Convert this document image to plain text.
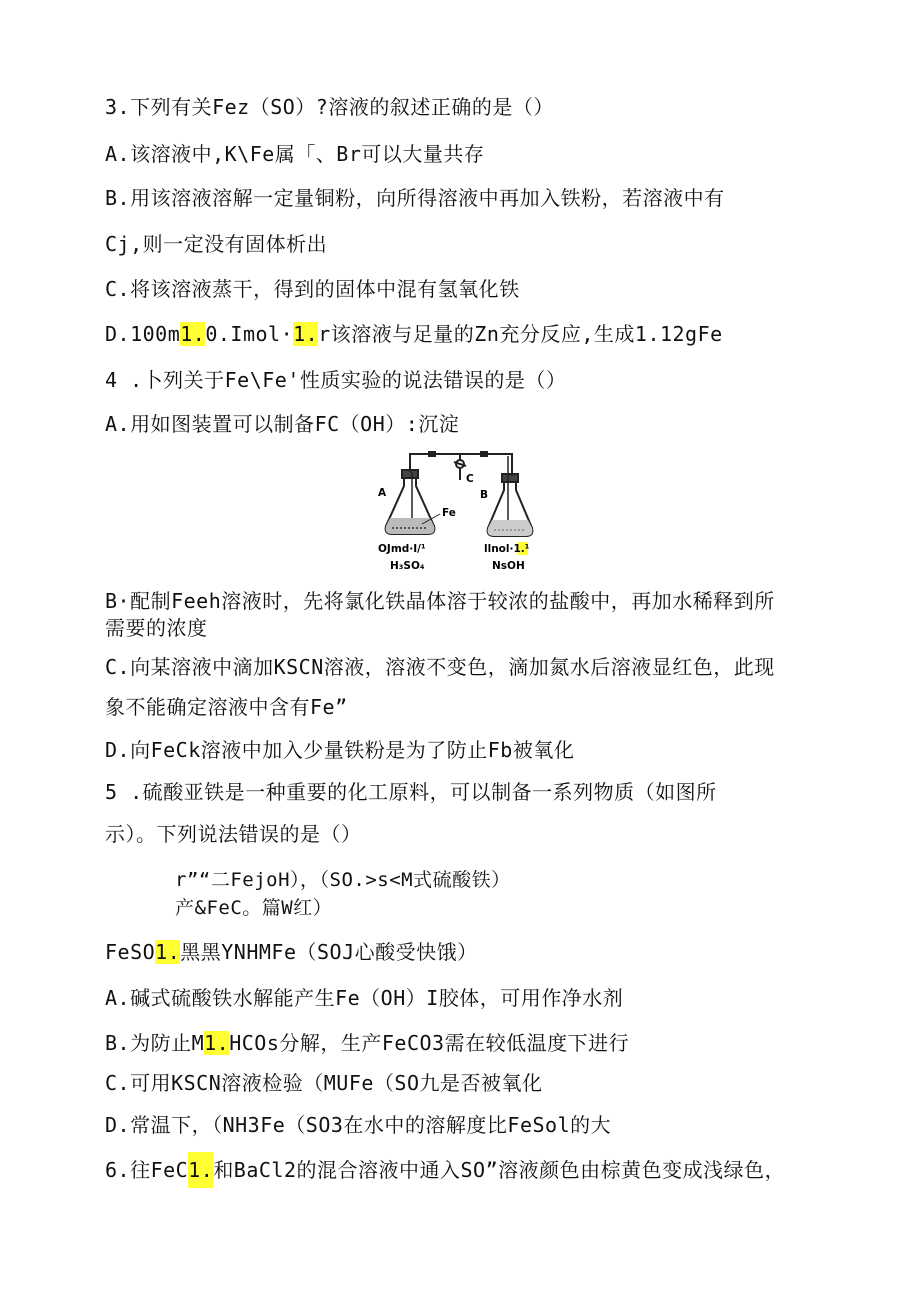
3.下列有关Fez（SO）?溶液的叙述正确的是（）
A.该溶液中,K\Fe属「、Br可以大量共存
B.用该溶液溶解一定量铜粉，向所得溶液中再加入铁粉，若溶液中有
Cj,则一定没有固体析出
C.将该溶液蒸干，得到的固体中混有氢氧化铁
D.100m1.0.Imol·1.r该溶液与足量的Zn充分反应,生成1.12gFe
4 .卜列关于Fe\Fe'性质实验的说法错误的是（）
A.用如图装置可以制备FC（OH）:沉淀
Fe
A	B
C
OJmd·I/¹
H₃SO₄
llnol·1.¹
NsOH
B·配制Feeh溶液时，先将氯化铁晶体溶于较浓的盐酸中，再加水稀释到所
需要的浓度
C.向某溶液中滴加KSCN溶液，溶液不变色，滴加氮水后溶液显红色，此现
象不能确定溶液中含有Fe”
D.向FeCk溶液中加入少量铁粉是为了防止Fb被氧化
5 .硫酸亚铁是一种重要的化工原料，可以制备一系列物质（如图所
示）。下列说法错误的是（）
r”“二FejoH），（SO.>s<M式硫酸铁）
产&FeC。篇W红）
FeSO1.黑黑YNHMFe（SOJ心酸受快饿）
A.碱式硫酸铁水解能产生Fe（OH）I胶体，可用作净水剂
B.为防止M1.HCOs分解，生产FeCO3需在较低温度下进行
C.可用KSCN溶液检验（MUFe（SO九是否被氧化
D.常温下，（NH3Fe（SO3在水中的溶解度比FeSol的大
6.往FeC1.和BaCl2的混合溶液中通入SO”溶液颜色由棕黄色变成浅绿色，
